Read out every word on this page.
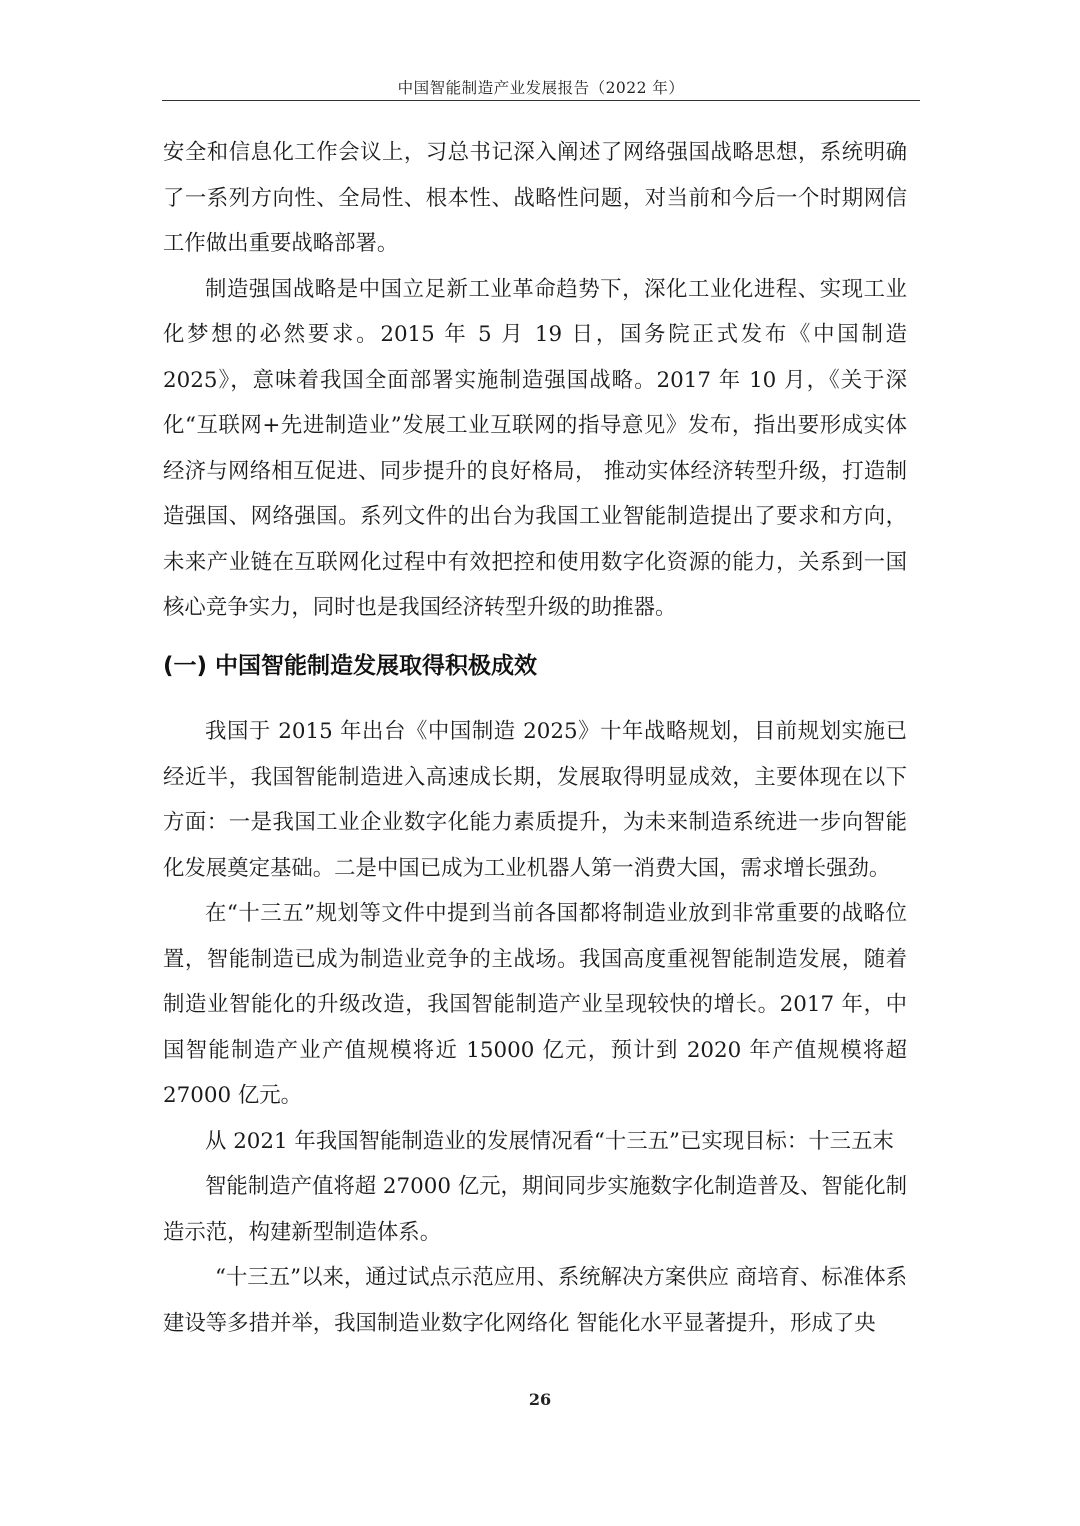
中国智能制造产业发展报告（2022 年）

安全和信息化工作会议上，习总书记深入阐述了网络强国战略思想，系统明确了一系列方向性、全局性、根本性、战略性问题，对当前和今后一个时期网信工作做出重要战略部署。

制造强国战略是中国立足新工业革命趋势下，深化工业化进程、实现工业化梦想的必然要求。2015 年 5 月 19 日，国务院正式发布《中国制造 2025》，意味着我国全面部署实施制造强国战略。2017 年 10 月，《关于深化“互联网+先进制造业”发展工业互联网的指导意见》发布，指出要形成实体经济与网络相互促进、同步提升的良好格局， 推动实体经济转型升级，打造制造强国、网络强国。系列文件的出台为我国工业智能制造提出了要求和方向，未来产业链在互联网化过程中有效把控和使用数字化资源的能力，关系到一国核心竞争实力，同时也是我国经济转型升级的助推器。

(一) 中国智能制造发展取得积极成效

我国于 2015 年出台《中国制造 2025》十年战略规划，目前规划实施已经近半，我国智能制造进入高速成长期，发展取得明显成效，主要体现在以下方面：一是我国工业企业数字化能力素质提升，为未来制造系统进一步向智能化发展奠定基础。二是中国已成为工业机器人第一消费大国，需求增长强劲。

在“十三五”规划等文件中提到当前各国都将制造业放到非常重要的战略位置，智能制造已成为制造业竞争的主战场。我国高度重视智能制造发展，随着制造业智能化的升级改造，我国智能制造产业呈现较快的增长。2017 年，中国智能制造产业产值规模将近 15000 亿元，预计到 2020 年产值规模将超 27000 亿元。

从 2021 年我国智能制造业的发展情况看“十三五”已实现目标：十三五末

智能制造产值将超 27000 亿元，期间同步实施数字化制造普及、智能化制造示范，构建新型制造体系。

“十三五”以来，通过试点示范应用、系统解决方案供应 商培育、标准体系建设等多措并举，我国制造业数字化网络化 智能化水平显著提升，形成了央

26
